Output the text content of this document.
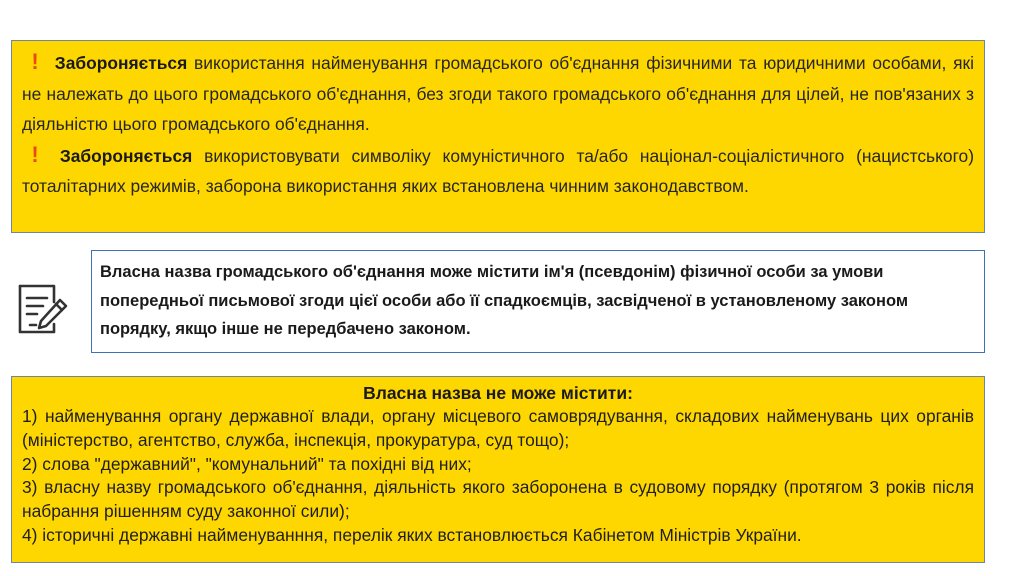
! Забороняється використання найменування громадського об'єднання фізичними та юридичними особами, які не належать до цього громадського об'єднання, без згоди такого громадського об'єднання для цілей, не пов'язаних з діяльністю цього громадського об'єднання.

! Забороняється використовувати символіку комуністичного та/або націонал-соціалістичного (нацистського) тоталітарних режимів, заборона використання яких встановлена чинним законодавством.

Власна назва громадського об'єднання може містити ім'я (псевдонім) фізичної особи за умови попередньої письмової згоди цієї особи або її спадкоємців, засвідченої в установленому законом порядку, якщо інше не передбачено законом.

Власна назва не може містити:

1) найменування органу державної влади, органу місцевого самоврядування, складових найменувань цих органів (міністерство, агентство, служба, інспекція, прокуратура, суд тощо);

2) слова "державний", "комунальний" та похідні від них;

3) власну назву громадського об'єднання, діяльність якого заборонена в судовому порядку (протягом 3 років після набрання рішенням суду законної сили);

4) історичні державні найменуванння, перелік яких встановлюється Кабінетом Міністрів України.
